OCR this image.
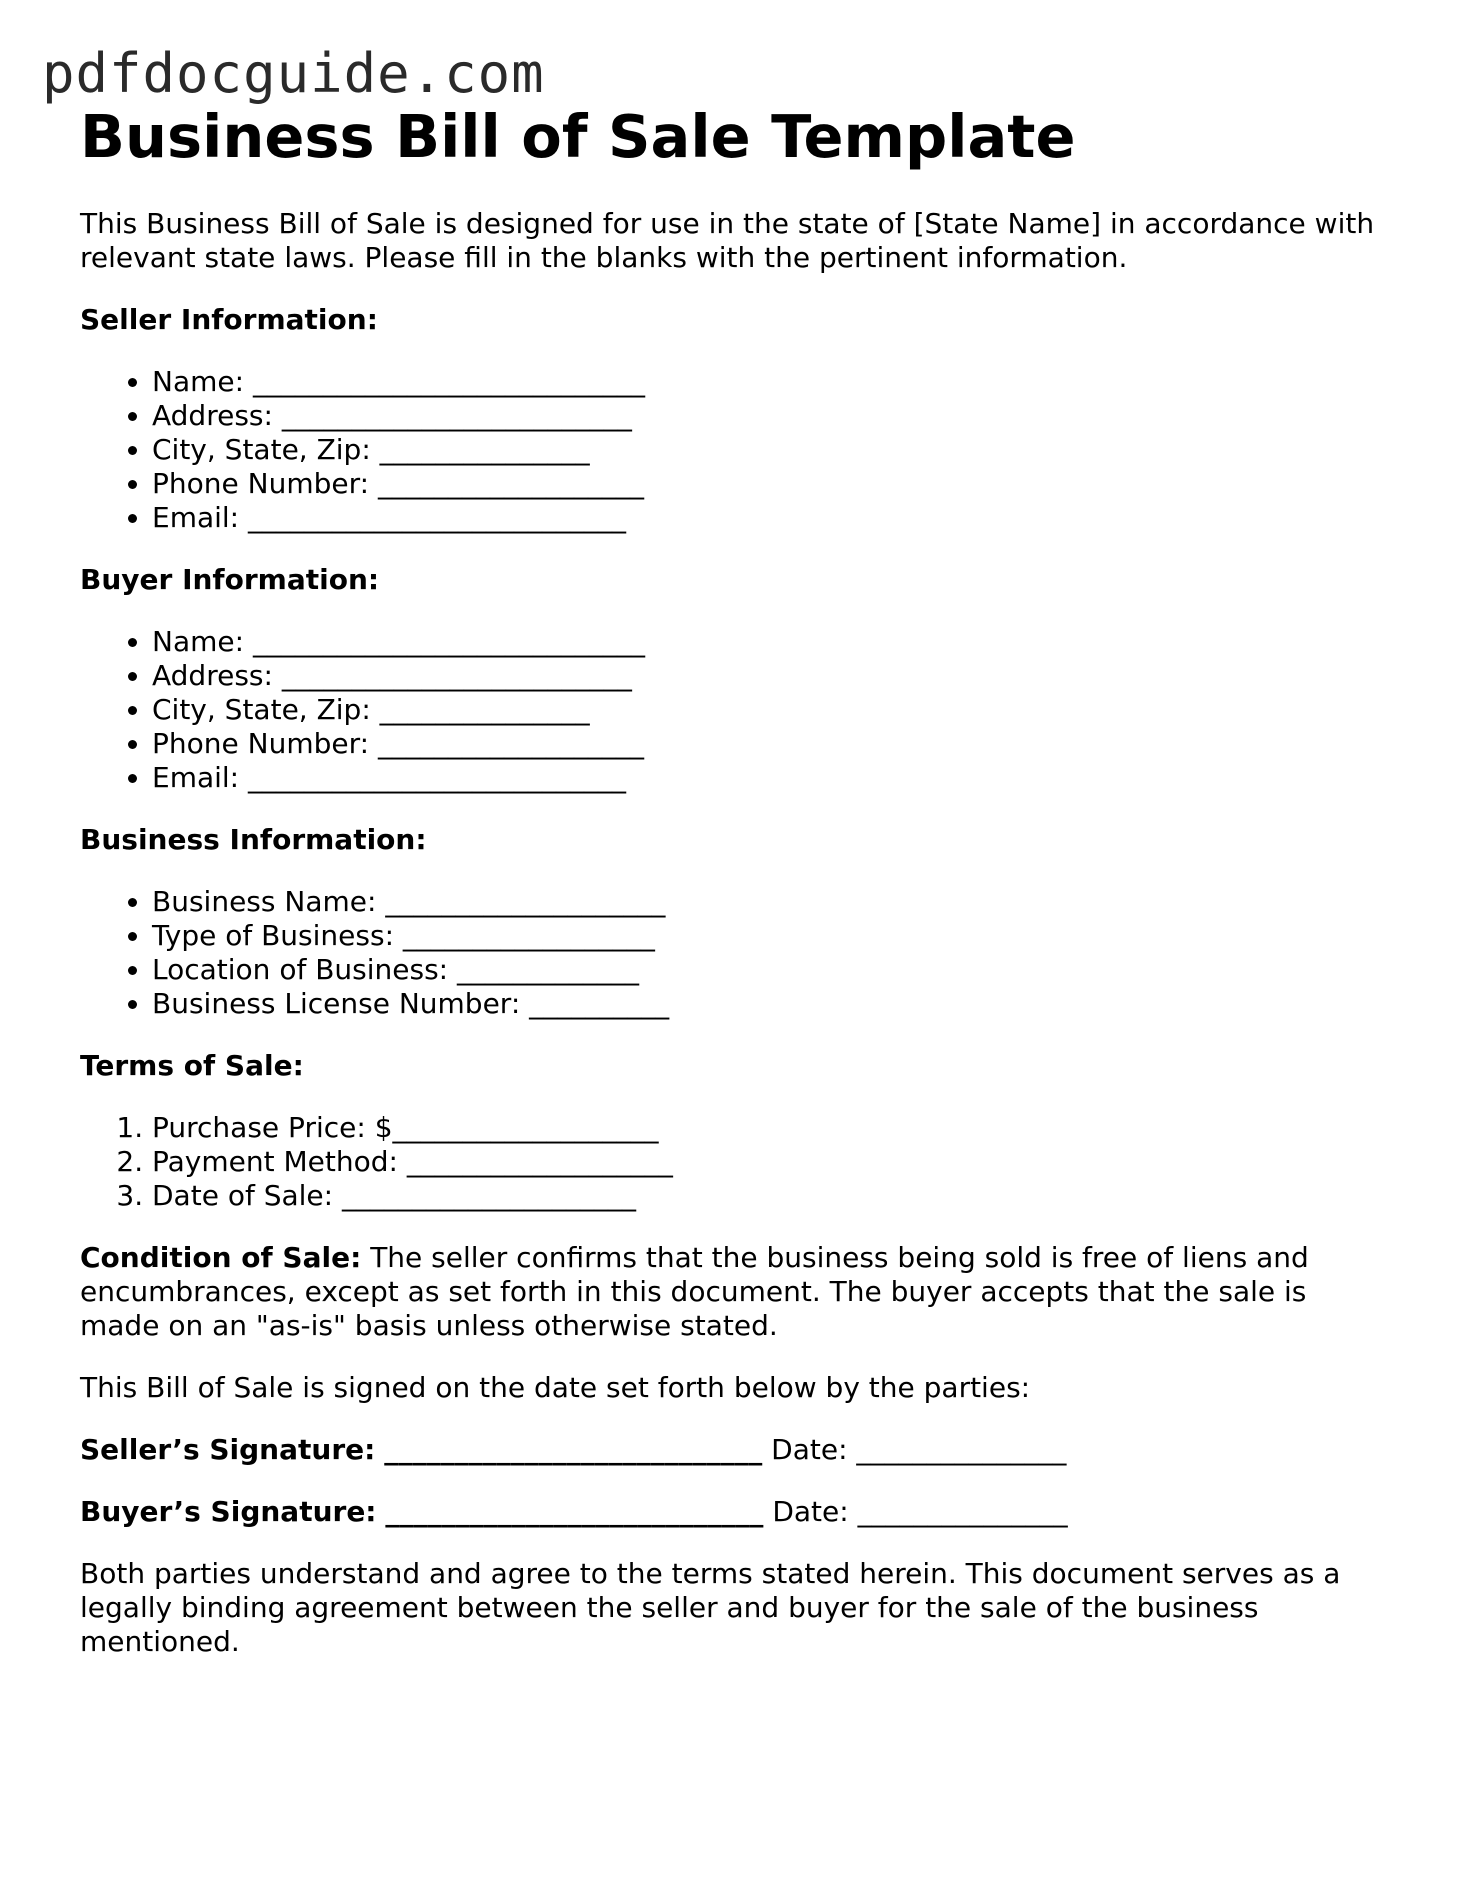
pdfdocguide.com
Business Bill of Sale Template

This Business Bill of Sale is designed for use in the state of [State Name] in accordance with relevant state laws. Please fill in the blanks with the pertinent information.

Seller Information:
• Name: ____________________________
• Address: _________________________
• City, State, Zip: _______________
• Phone Number: ___________________
• Email: ___________________________
Buyer Information:
• Name: ____________________________
• Address: _________________________
• City, State, Zip: _______________
• Phone Number: ___________________
• Email: ___________________________
Business Information:
• Business Name: ____________________
• Type of Business: __________________
• Location of Business: _____________
• Business License Number: __________
Terms of Sale:
1. Purchase Price: $___________________
2. Payment Method: ___________________
3. Date of Sale: _____________________

Condition of Sale: The seller confirms that the business being sold is free of liens and encumbrances, except as set forth in this document. The buyer accepts that the sale is made on an "as-is" basis unless otherwise stated.

This Bill of Sale is signed on the date set forth below by the parties:

Seller’s Signature: ___________________________ Date: _______________
Buyer’s Signature: ___________________________ Date: _______________

Both parties understand and agree to the terms stated herein. This document serves as a legally binding agreement between the seller and buyer for the sale of the business mentioned.
